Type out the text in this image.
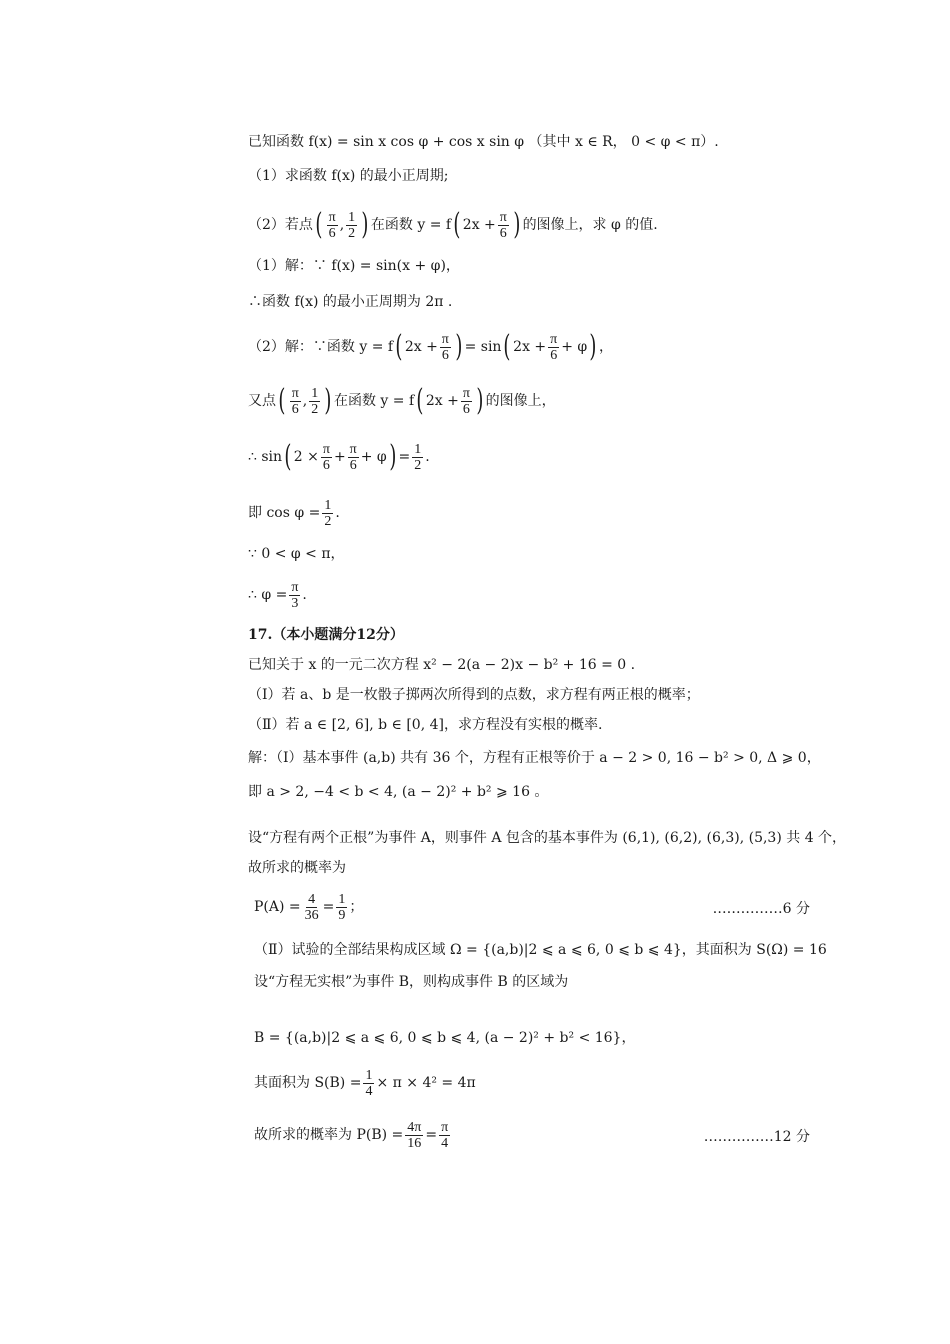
已知函数 f(x) = sin x cos φ + cos x sin φ （其中 x ∈ R， 0 < φ < π）.
（1）求函数 f(x) 的最小正周期;
（2）若点 ( $\frac{\pi}{6}$ , $\frac{1}{2}$ ) 在函数 y = f ( $2x + \frac{\pi}{6}$ ) 的图像上，求 φ 的值.
（1）解：∵ f(x) = sin(x + φ)，
∴函数 f(x) 的最小正周期为 2π .
（2）解：∵函数 y = f ( $2x + \frac{\pi}{6}$ ) = sin ( $2x + \frac{\pi}{6} + \varphi$ ) ，
又点 ( $\frac{\pi}{6}$ , $\frac{1}{2}$ ) 在函数 y = f ( $2x + \frac{\pi}{6}$ ) 的图像上，
∴ sin ( $2 \times \frac{\pi}{6} + \frac{\pi}{6} + \varphi$ ) = $\frac{1}{2}$ .
即 $\cos \varphi = \frac{1}{2}$ .
∵ 0 < φ < π，
∴ $\varphi = \frac{\pi}{3}$ .
17.（本小题满分12分）
已知关于 x 的一元二次方程 x² − 2(a − 2)x − b² + 16 = 0 .
（Ⅰ）若 a、b 是一枚骰子掷两次所得到的点数，求方程有两正根的概率；
（Ⅱ）若 a ∈ [2, 6], b ∈ [0, 4]，求方程没有实根的概率.
解：（Ⅰ）基本事件 (a,b) 共有 36 个，方程有正根等价于 a − 2 > 0, 16 − b² > 0, Δ ⩾ 0，
即 a > 2, −4 < b < 4, (a − 2)² + b² ⩾ 16 。
设“方程有两个正根”为事件 A，则事件 A 包含的基本事件为 (6,1), (6,2), (6,3), (5,3) 共 4 个，
故所求的概率为
$P(A) = \frac{4}{36} = \frac{1}{9}$ ；	……………6 分
（Ⅱ）试验的全部结果构成区域 Ω = {(a,b)|2 ⩽ a ⩽ 6, 0 ⩽ b ⩽ 4}，其面积为 S(Ω) = 16
设“方程无实根”为事件 B，则构成事件 B 的区域为
B = {(a,b)|2 ⩽ a ⩽ 6, 0 ⩽ b ⩽ 4, (a − 2)² + b² < 16}，
其面积为 $S(B) = \frac{1}{4} \times \pi \times 4^2 = 4\pi$
故所求的概率为 $P(B) = \frac{4\pi}{16} = \frac{\pi}{4}$	……………12 分
